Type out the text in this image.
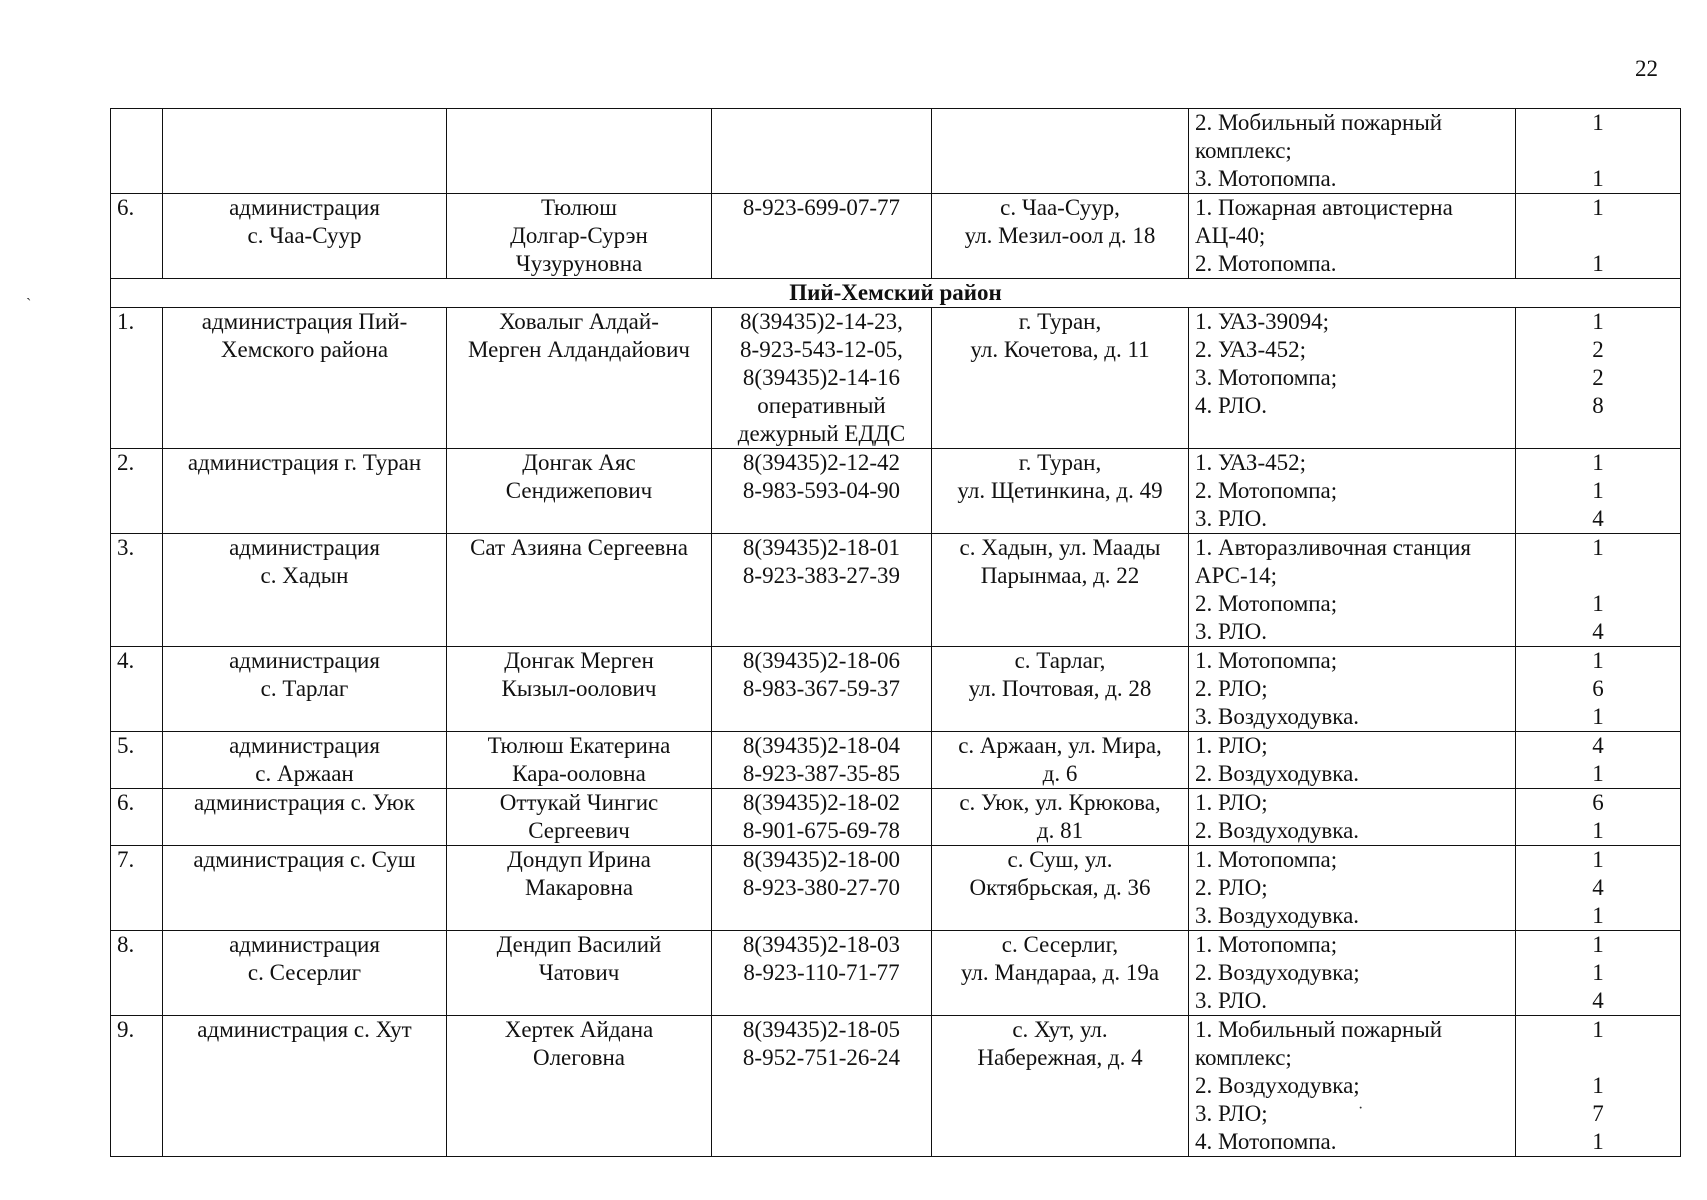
22

					2. Мобильный пожарный
комплекс;
3. Мотопомпа.	1
1

6.	администрация
с. Чаа-Суур	Тюлюш
Долгар-Сурэн
Чузуруновна	8-923-699-07-77	с. Чаа-Суур,
ул. Мезил-оол д. 18	1. Пожарная автоцистерна
АЦ-40;
2. Мотопомпа.	1
1

Пий-Хемский район						
1.	администрация Пий-
Хемского района	Ховалыг Алдай-
Мерген Алдандайович	8(39435)2-14-23,
8-923-543-12-05,
8(39435)2-14-16
оперативный
дежурный ЕДДС	г. Туран,
ул. Кочетова, д. 11	1. УАЗ-39094;
2. УАЗ-452;
3. Мотопомпа;
4. РЛО.	1
2
2
8

2.	администрация г. Туран	Донгак Аяс
Сендижепович	8(39435)2-12-42
8-983-593-04-90	г. Туран,
ул. Щетинкина, д. 49	1. УАЗ-452;
2. Мотопомпа;
3. РЛО.	1
1
4

3.	администрация
с. Хадын	Сат Азияна Сергеевна	8(39435)2-18-01
8-923-383-27-39	с. Хадын, ул. Маады
Парынмаа, д. 22	1. Авторазливочная станция
АРС-14;
2. Мотопомпа;
3. РЛО.	1
1
4

4.	администрация
с. Тарлаг	Донгак Мерген
Кызыл-оолович	8(39435)2-18-06
8-983-367-59-37	с. Тарлаг,
ул. Почтовая, д. 28	1. Мотопомпа;
2. РЛО;
3. Воздуходувка.	1
6
1

5.	администрация
с. Аржаан	Тюлюш Екатерина
Кара-ооловна	8(39435)2-18-04
8-923-387-35-85	с. Аржаан, ул. Мира,
д. 6	1. РЛО;
2. Воздуходувка.	4
1

6.	администрация с. Уюк	Оттукай Чингис
Сергеевич	8(39435)2-18-02
8-901-675-69-78	с. Уюк, ул. Крюкова,
д. 81	1. РЛО;
2. Воздуходувка.	6
1

7.	администрация с. Суш	Дондуп Ирина
Макаровна	8(39435)2-18-00
8-923-380-27-70	с. Суш, ул.
Октябрьская, д. 36	1. Мотопомпа;
2. РЛО;
3. Воздуходувка.	1
4
1

8.	администрация
с. Сесерлиг	Дендип Василий
Чатович	8(39435)2-18-03
8-923-110-71-77	с. Сесерлиг,
ул. Мандараа, д. 19а	1. Мотопомпа;
2. Воздуходувка;
3. РЛО.	1
1
4

9.	администрация с. Хут	Хертек Айдана
Олеговна	8(39435)2-18-05
8-952-751-26-24	с. Хут, ул.
Набережная, д. 4	1. Мобильный пожарный
комплекс;
2. Воздуходувка;
3. РЛО;
4. Мотопомпа.	1
1
7
1
ˋ
·
